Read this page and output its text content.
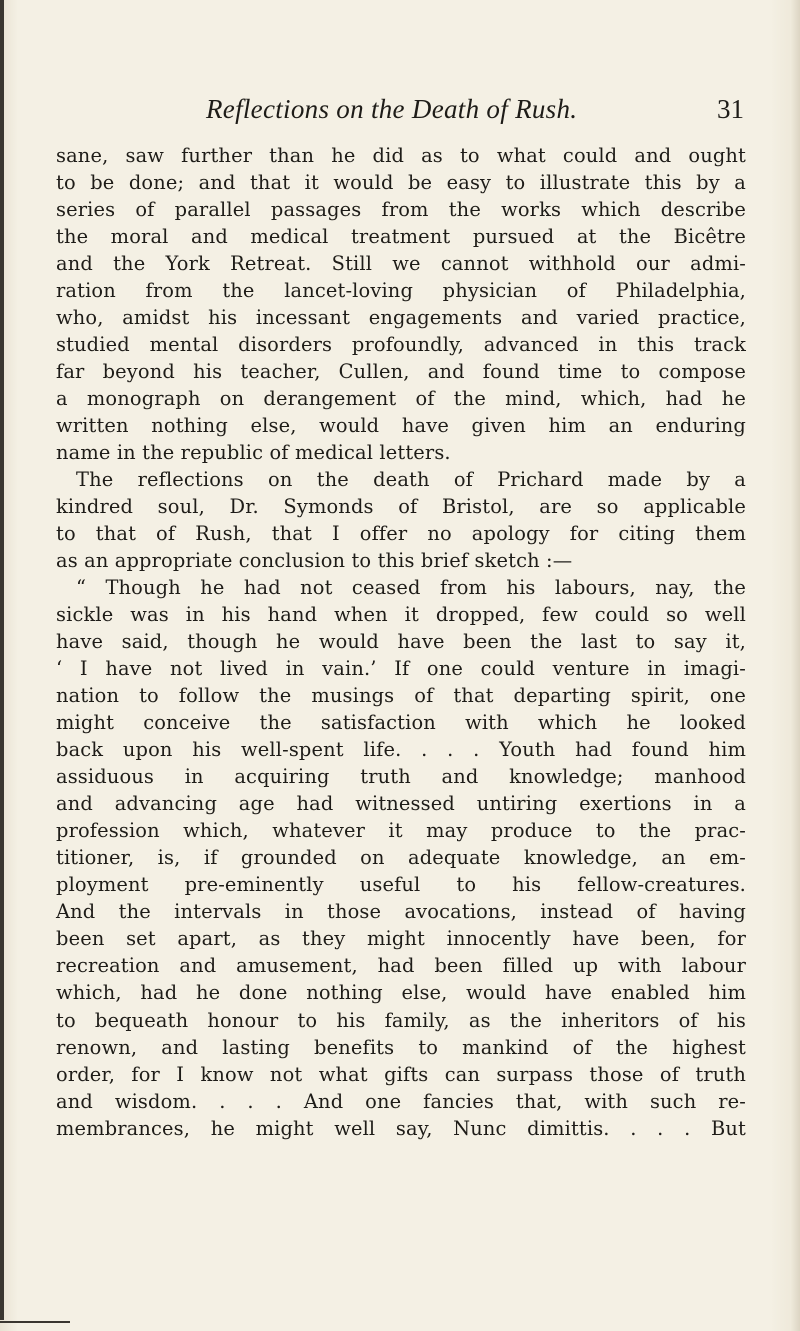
Reflections on the Death of Rush.	31
sane, saw further than he did as to what could and ought
to be done; and that it would be easy to illustrate this by a
series of parallel passages from the works which describe
the moral and medical treatment pursued at the Bicêtre
and the York Retreat. Still we cannot withhold our admi-
ration from the lancet-loving physician of Philadelphia,
who, amidst his incessant engagements and varied practice,
studied mental disorders profoundly, advanced in this track
far beyond his teacher, Cullen, and found time to compose
a monograph on derangement of the mind, which, had he
written nothing else, would have given him an enduring
name in the republic of medical letters.
The reflections on the death of Prichard made by a
kindred soul, Dr. Symonds of Bristol, are so applicable
to that of Rush, that I offer no apology for citing them
as an appropriate conclusion to this brief sketch :—
“ Though he had not ceased from his labours, nay, the
sickle was in his hand when it dropped, few could so well
have said, though he would have been the last to say it,
‘ I have not lived in vain.’ If one could venture in imagi-
nation to follow the musings of that departing spirit, one
might conceive the satisfaction with which he looked
back upon his well-spent life. . . . Youth had found him
assiduous in acquiring truth and knowledge; manhood
and advancing age had witnessed untiring exertions in a
profession which, whatever it may produce to the prac-
titioner, is, if grounded on adequate knowledge, an em-
ployment pre-eminently useful to his fellow-creatures.
And the intervals in those avocations, instead of having
been set apart, as they might innocently have been, for
recreation and amusement, had been filled up with labour
which, had he done nothing else, would have enabled him
to bequeath honour to his family, as the inheritors of his
renown, and lasting benefits to mankind of the highest
order, for I know not what gifts can surpass those of truth
and wisdom. . . . And one fancies that, with such re-
membrances, he might well say, Nunc dimittis. . . . But
